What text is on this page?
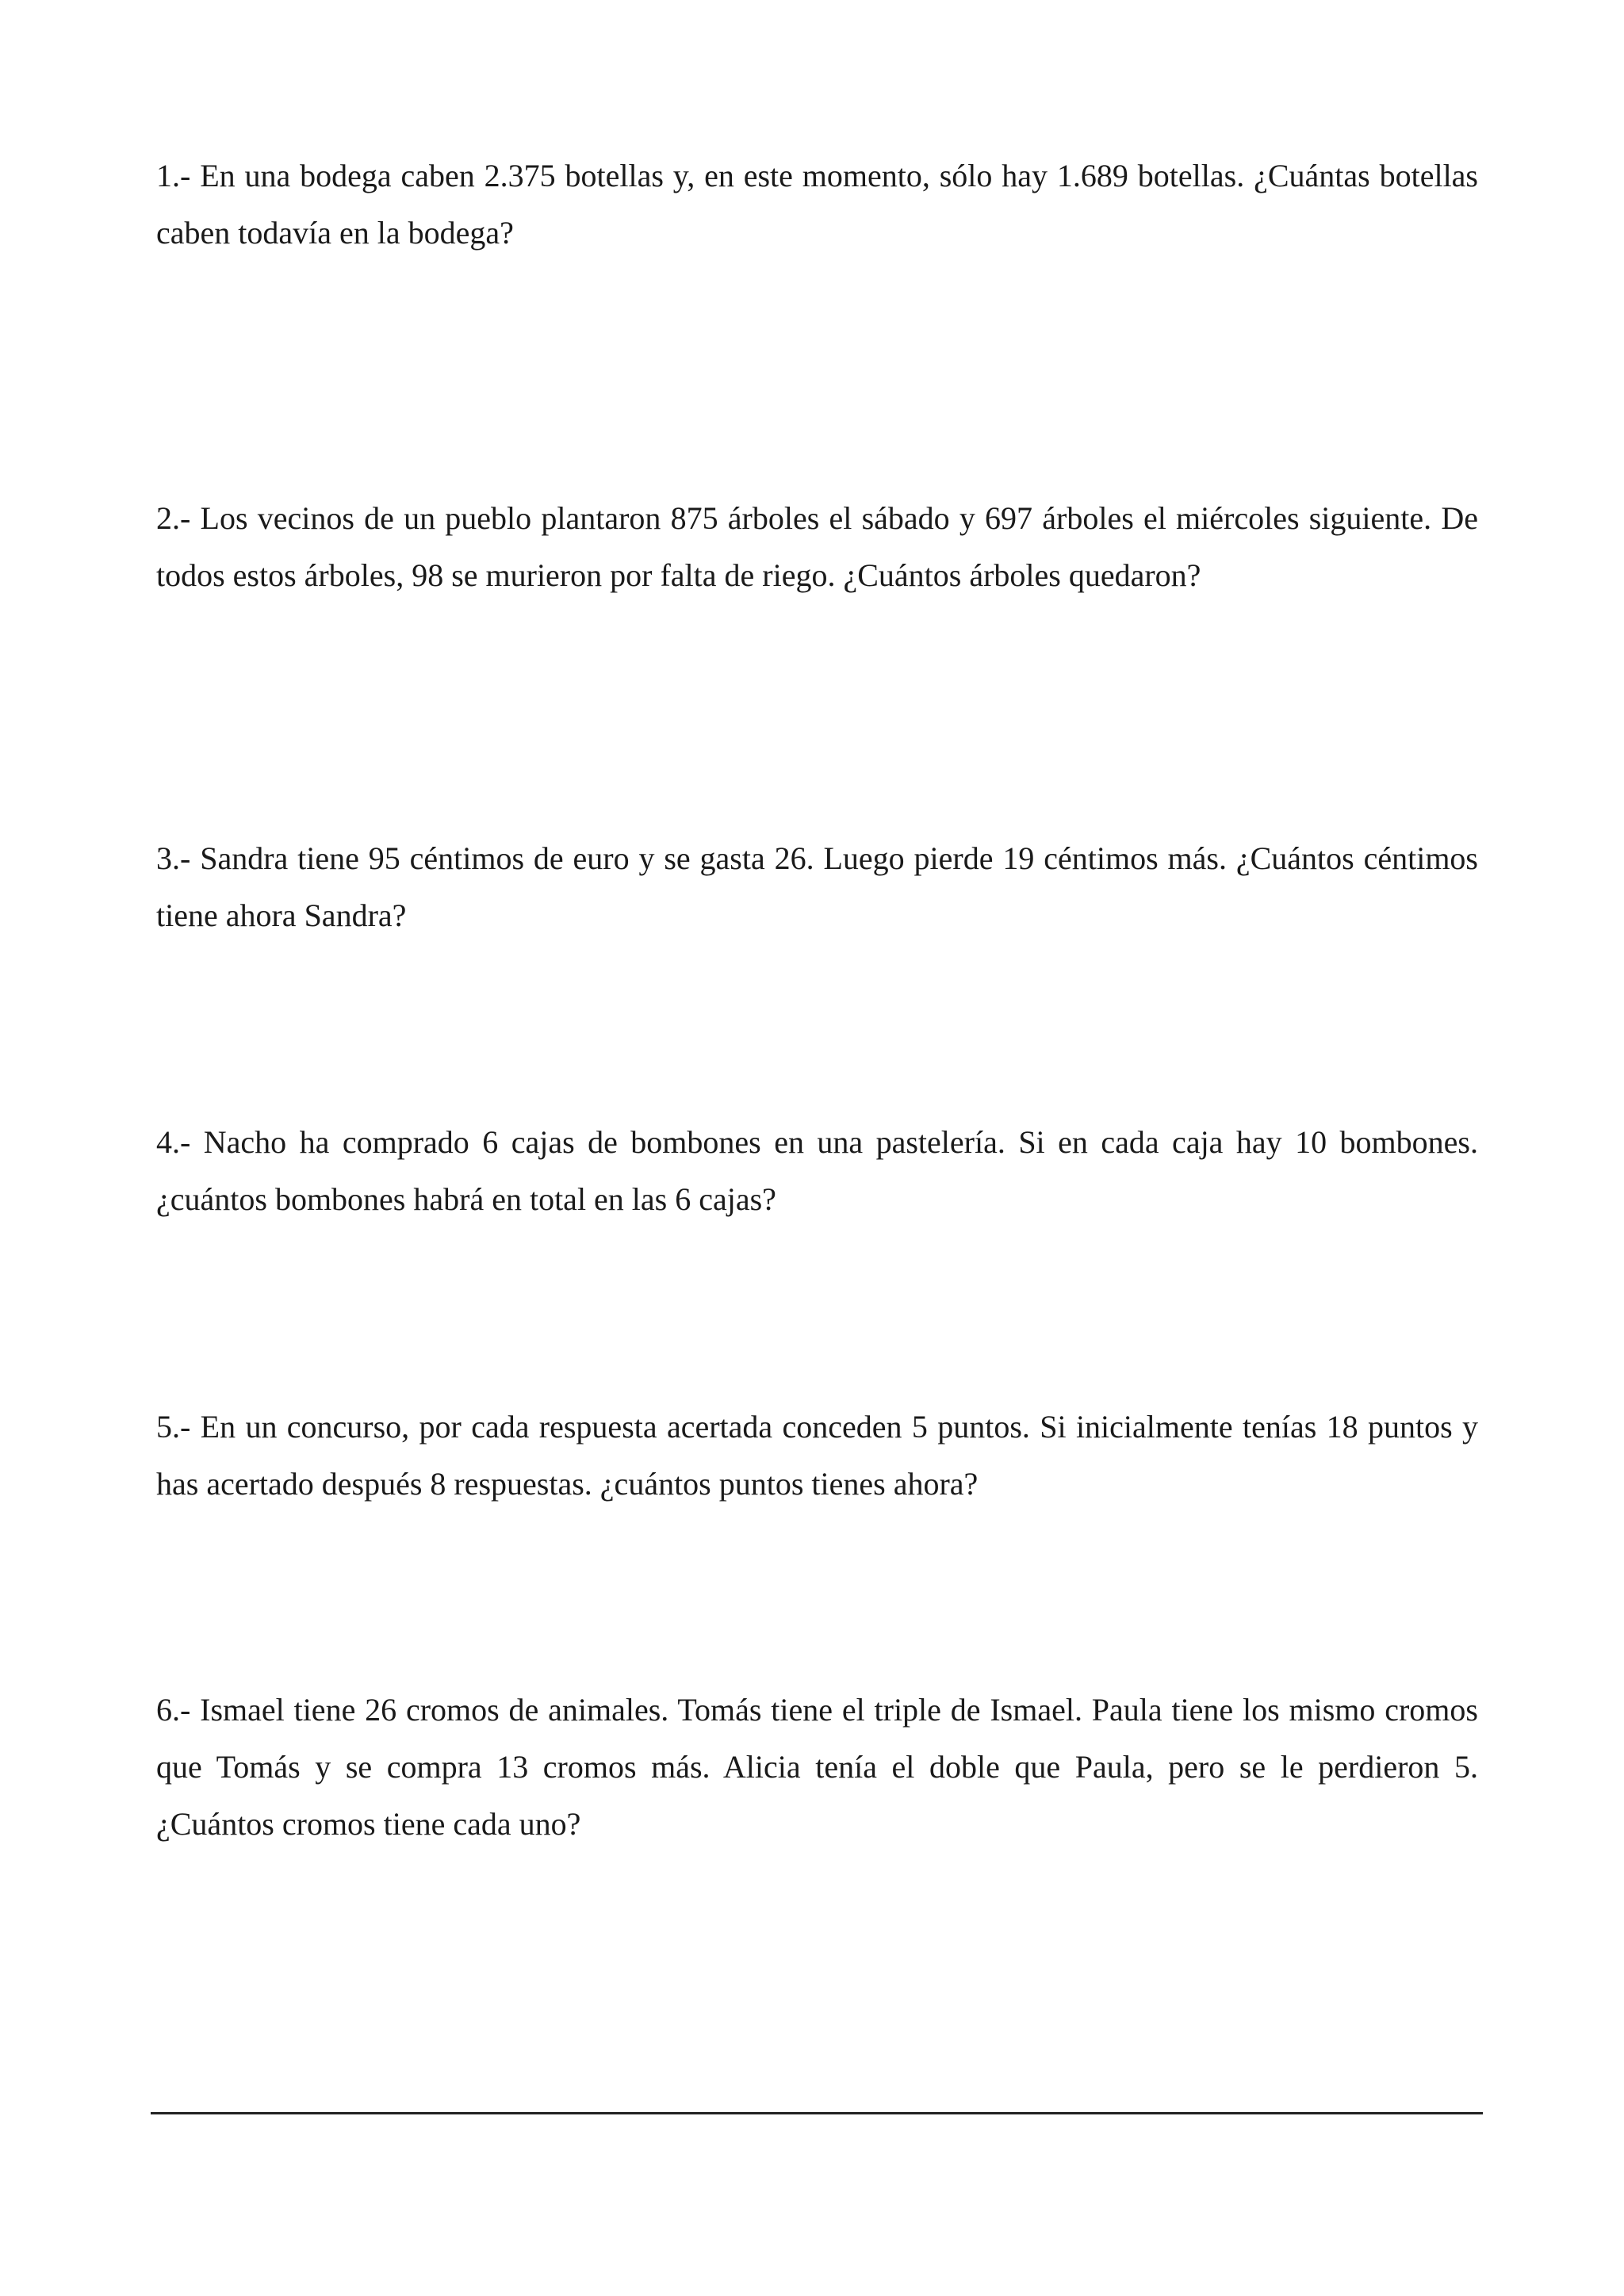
1.- En una bodega caben 2.375 botellas y, en este momento, sólo hay 1.689 botellas. ¿Cuántas botellas caben todavía en la bodega?

2.- Los vecinos de un pueblo plantaron 875 árboles el sábado y 697 árboles el miércoles siguiente. De todos estos árboles, 98 se murieron por falta de riego. ¿Cuántos árboles quedaron?

3.- Sandra tiene 95 céntimos de euro y se gasta 26. Luego pierde 19 céntimos más. ¿Cuántos céntimos tiene ahora Sandra?

4.- Nacho ha comprado 6 cajas de bombones en una pastelería. Si en cada caja hay 10 bombones. ¿cuántos bombones habrá en total en las 6 cajas?

5.- En un concurso, por cada respuesta acertada conceden 5 puntos. Si inicialmente tenías 18 puntos y has acertado después 8 respuestas. ¿cuántos puntos tienes ahora?

6.- Ismael tiene 26 cromos de animales. Tomás tiene el triple de Ismael. Paula tiene los mismo cromos que Tomás y se compra 13 cromos más. Alicia tenía el doble que Paula, pero se le perdieron 5. ¿Cuántos cromos tiene cada uno?
